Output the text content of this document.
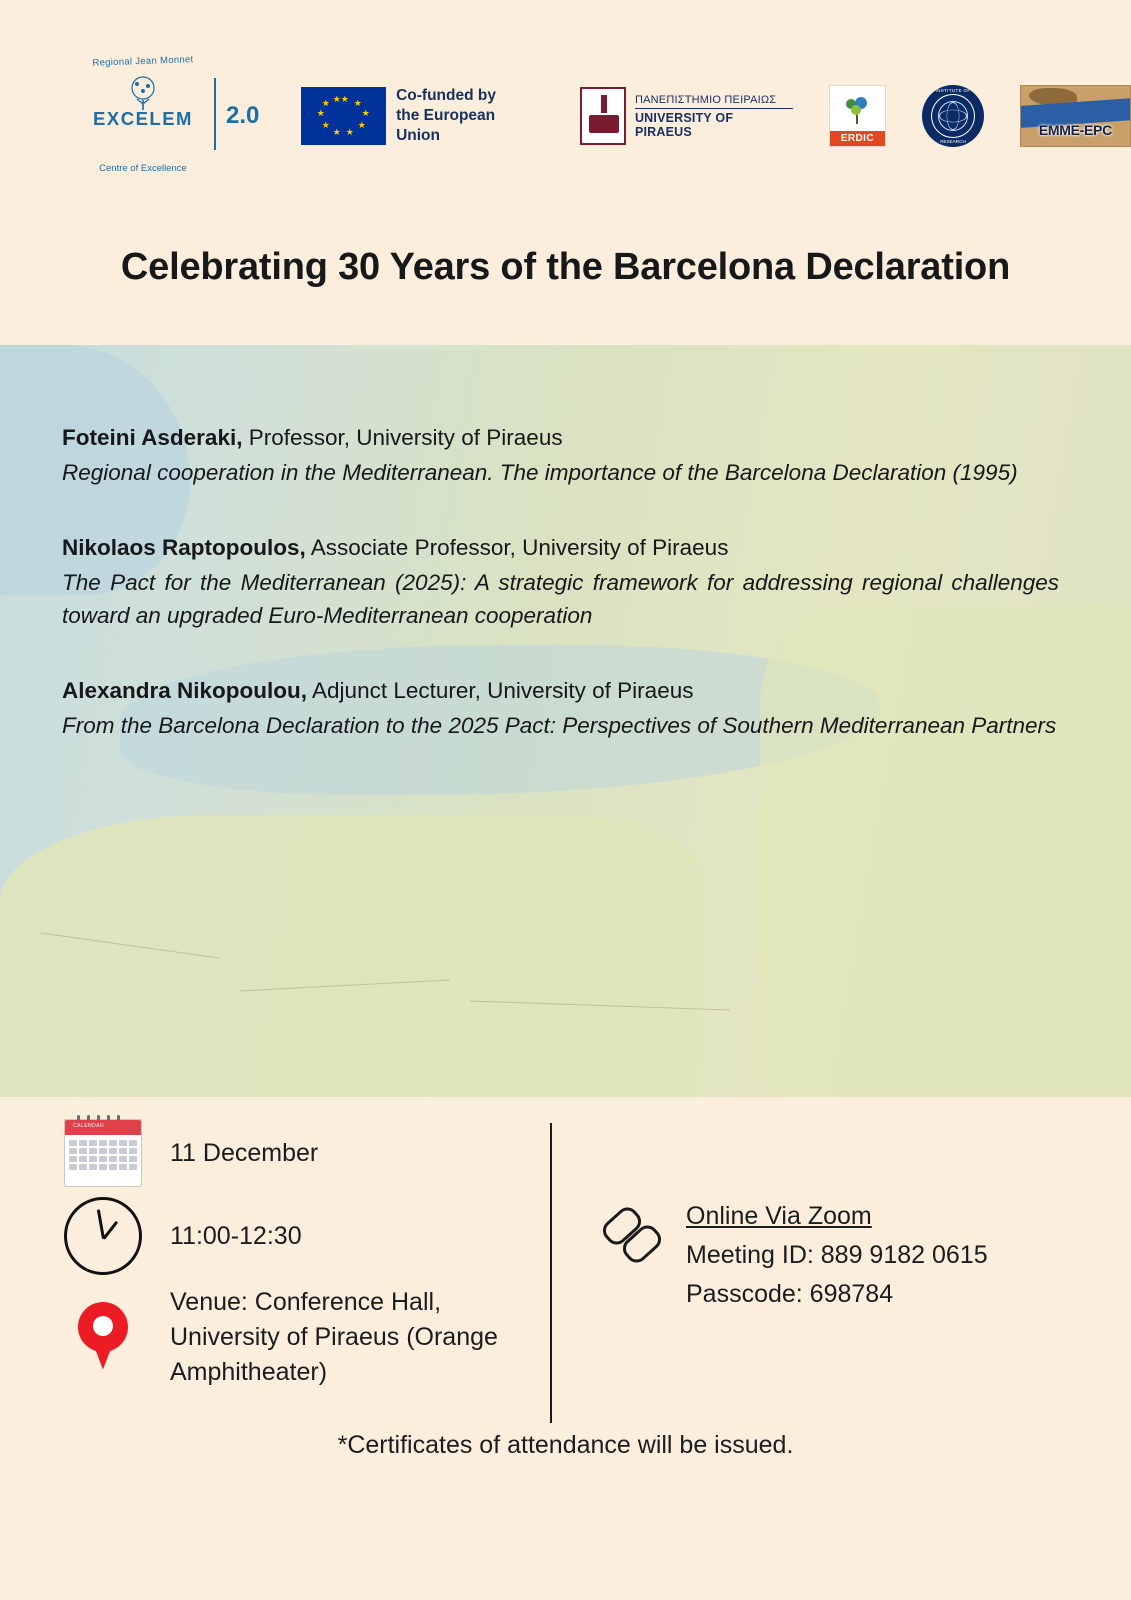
Regional Jean Monnet
EXCELEM
Centre of Excellence
2.0
★ ★
★
★
★
★
★
★
★ ★	Co-funded by
the European Union
ΠΑΝΕΠΙΣΤΗΜΙΟ ΠΕΙΡΑΙΩΣ
UNIVERSITY OF PIRAEUS	ERDIC
INSTITUTE OF
RESEARCH
EMME-EPC
Celebrating 30 Years of the Barcelona Declaration
Foteini Asderaki, Professor, University of Piraeus
Regional cooperation in the Mediterranean. The importance of the Barcelona Declaration (1995)
Nikolaos Raptopoulos, Associate Professor, University of Piraeus
The Pact for the Mediterranean (2025): A strategic framework for addressing regional challenges toward an upgraded Euro-Mediterranean cooperation
Alexandra Nikopoulou, Adjunct Lecturer, University of Piraeus
From the Barcelona Declaration to the 2025 Pact: Perspectives of Southern Mediterranean Partners
CALENDAR
11 December
11:00-12:30
Venue: Conference Hall, University of Piraeus (Orange Amphitheater)
Online Via Zoom
Meeting ID: 889 9182 0615
Passcode: 698784
*Certificates of attendance will be issued.
